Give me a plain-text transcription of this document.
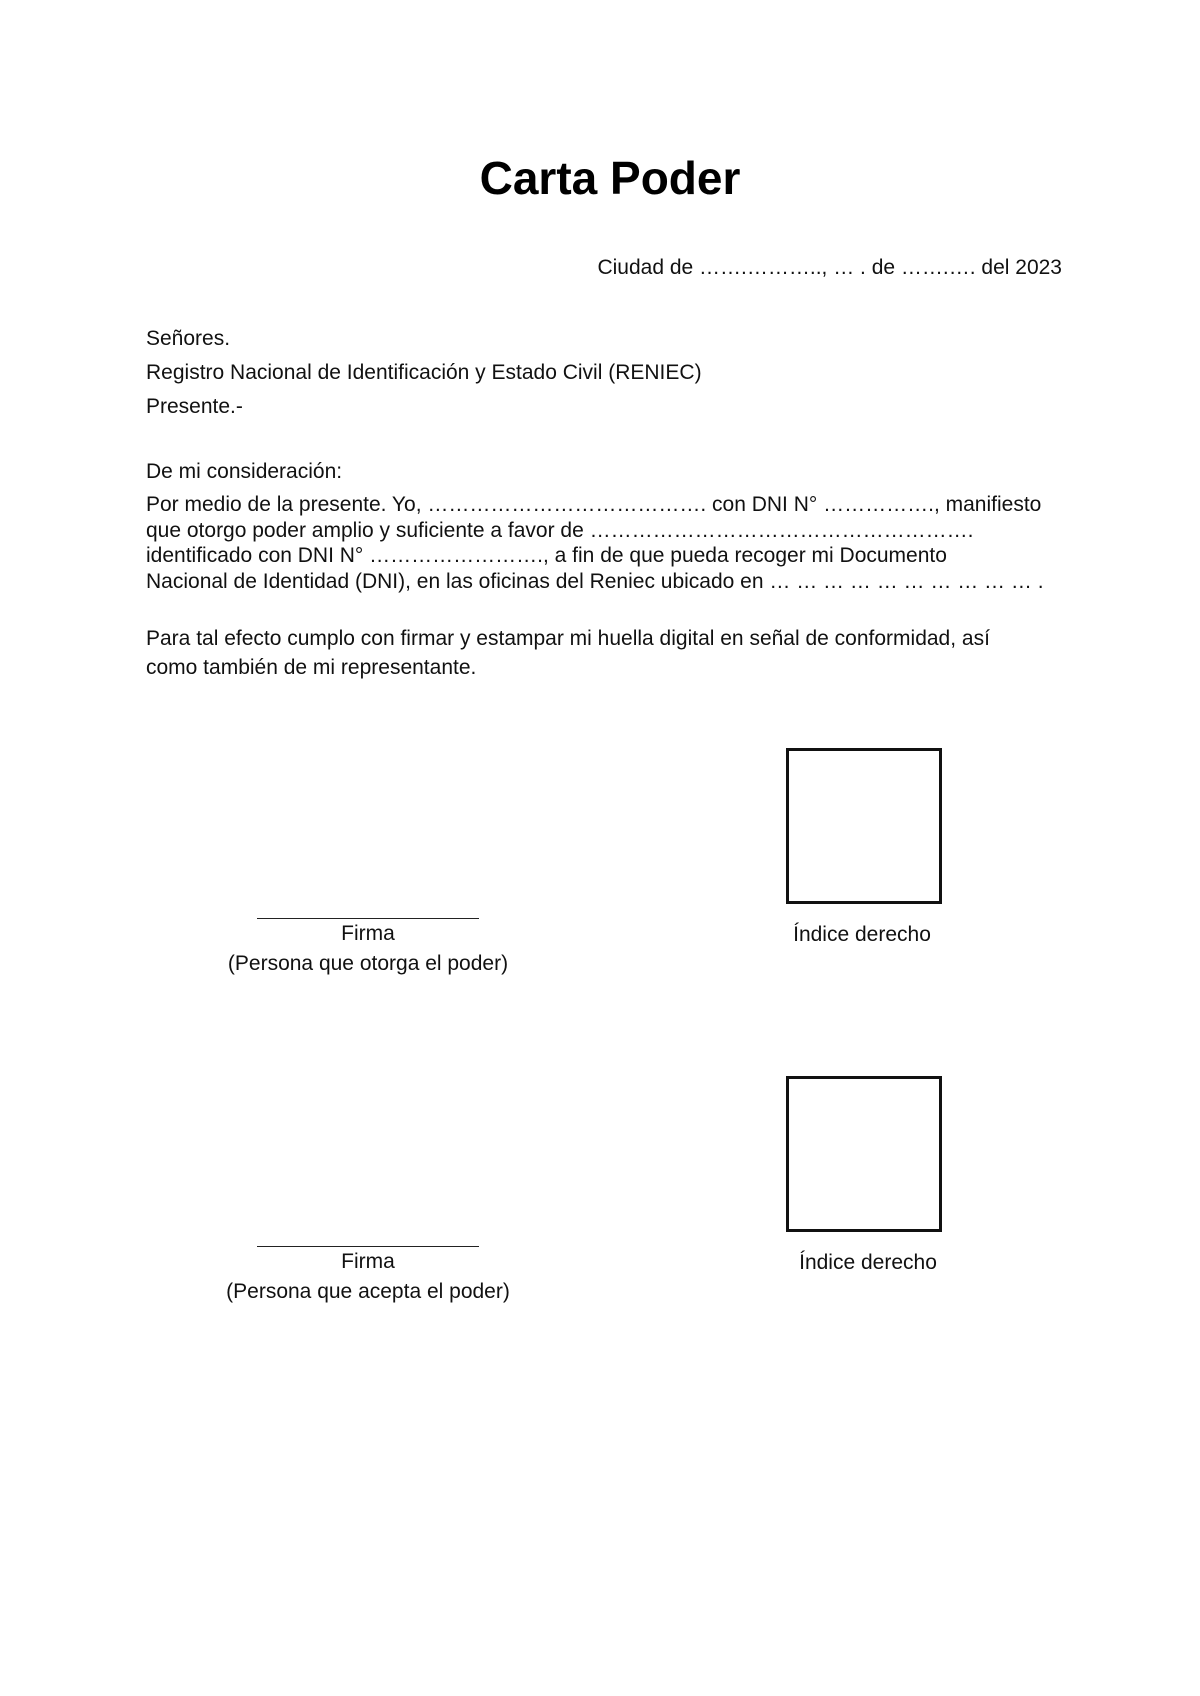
Carta Poder
Ciudad de …….……….., … . de …….…. del 2023
Señores.
Registro Nacional de Identificación y Estado Civil (RENIEC)
Presente.-
De mi consideración:
Por medio de la presente. Yo, …………………………………. con DNI N° ……………., manifiesto
que otorgo poder amplio y suficiente a favor de ……………………………………………….
identificado con DNI N° ……………………., a fin de que pueda recoger mi Documento
Nacional de Identidad (DNI), en las oficinas del Reniec ubicado en … … … … … … … … … … .
Para tal efecto cumplo con firmar y estampar mi huella digital en señal de conformidad, así
como también de mi representante.
Firma
(Persona que otorga el poder)
Índice derecho
Firma
(Persona que acepta el poder)
Índice derecho
